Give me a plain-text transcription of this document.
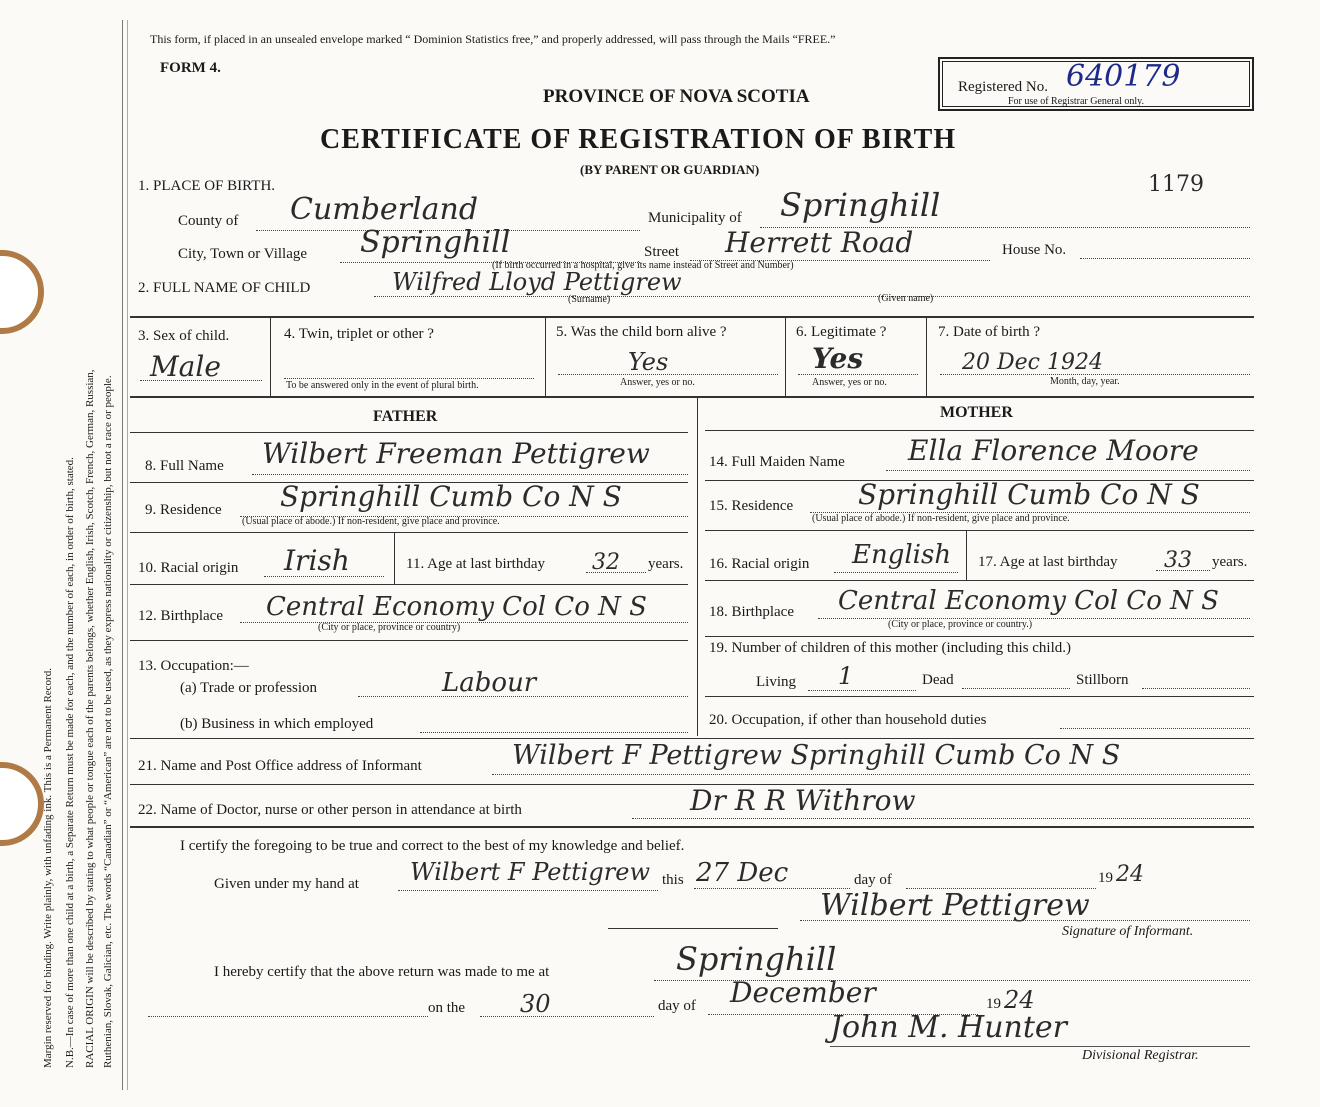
Margin reserved for binding. Write plainly, with unfading ink. This is a Permanent Record. N.B.—In case of more than one child at a birth, a Separate Return must be made for each, and the number of each, in order of birth, stated. RACIAL ORIGIN will be described by stating to what people or tongue each of the parents belongs, whether English, Irish, Scotch, French, German, Russian, Ruthenian, Slovak, Galician, etc. The words “Canadian” or “American” are not to be used, as they express nationality or citizenship, but not a race or people.
This form, if placed in an unsealed envelope marked “ Dominion Statistics free,” and properly addressed, will pass through the Mails “FREE.”
FORM 4.
PROVINCE OF NOVA SCOTIA
CERTIFICATE OF REGISTRATION OF BIRTH
(BY PARENT OR GUARDIAN)
Registered No. 640179
For use of Registrar General only.
1179
1. PLACE OF BIRTH.
County of Cumberland	Municipality of Springhill
City, Town or Village Springhill	Street Herrett Road	House No.
(If birth occurred in a hospital, give its name instead of Street and Number)
2. FULL NAME OF CHILD	Wilfred Lloyd Pettigrew
(Surname)	(Given name)
3. Sex of child.
Male
4. Twin, triplet or other ?
To be answered only in the event of plural birth.
5. Was the child born alive ?
Yes
Answer, yes or no.
6. Legitimate ?
Yes
Answer, yes or no.
7. Date of birth ?
20 Dec 1924
Month, day, year.
FATHER
8. Full Name Wilbert Freeman Pettigrew
9. Residence Springhill Cumb Co N S
(Usual place of abode.) If non-resident, give place and province.
10. Racial origin Irish	11. Age at last birthday 32 years.
12. Birthplace Central Economy Col Co N S
(City or place, province or country)
13. Occupation:—
(a) Trade or profession	Labour
(b) Business in which employed
MOTHER
14. Full Maiden Name Ella Florence Moore
15. Residence Springhill Cumb Co N S
(Usual place of abode.) If non-resident, give place and province.
16. Racial origin English 17. Age at last birthday 33 years.
18. Birthplace Central Economy Col Co N S
(City or place, province or country.)
19. Number of children of this mother (including this child.)
Living 1	Dead	Stillborn
20. Occupation, if other than household duties
21. Name and Post Office address of Informant	Wilbert F Pettigrew Springhill Cumb Co N S
22. Name of Doctor, nurse or other person in attendance at birth	Dr R R Withrow
I certify the foregoing to be true and correct to the best of my knowledge and belief.
Given under my hand at Wilbert F Pettigrew this 27 Dec	day of	19 24
Wilbert Pettigrew
Signature of Informant.
I hereby certify that the above return was made to me at	Springhill
on the 30	day of December	19 24
John M. Hunter
Divisional Registrar.
